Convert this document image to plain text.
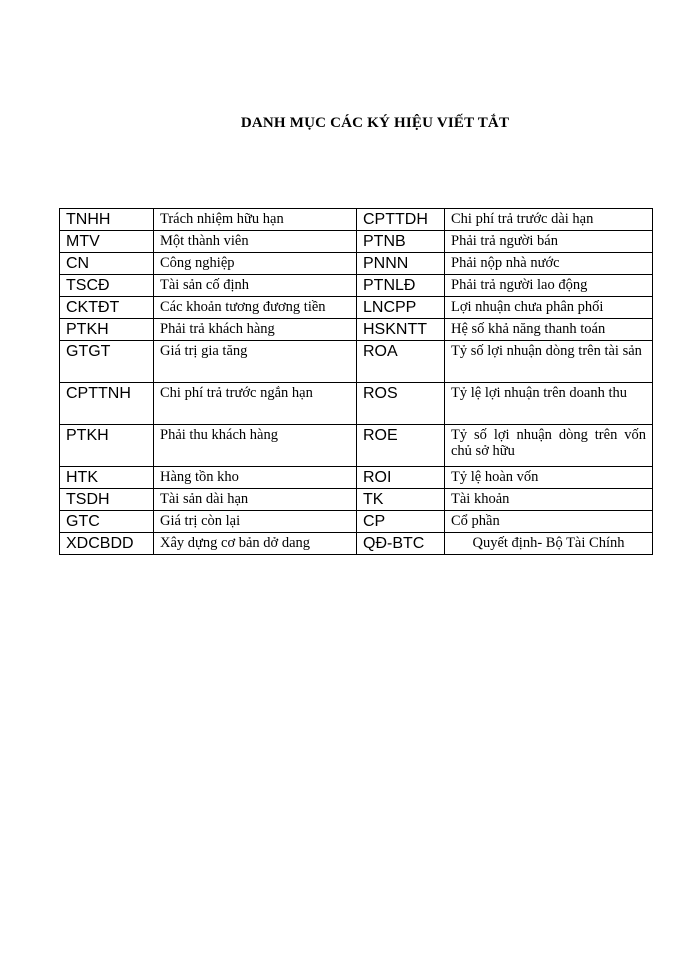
DANH MỤC CÁC KÝ HIỆU VIẾT TẮT
TNHH	Trách nhiệm hữu hạn	CPTTDH	Chi phí trả trước dài hạn
MTV	Một thành viên	PTNB	Phải trả người bán
CN	Công nghiệp	PNNN	Phải nộp nhà nước
TSCĐ	Tài sản cố định	PTNLĐ	Phải trả người lao động
CKTĐT	Các khoản tương đương tiền	LNCPP	Lợi nhuận chưa phân phối
PTKH	Phải trả khách hàng	HSKNTT	Hệ số khả năng thanh toán
GTGT	Giá trị gia tăng	ROA	Tỷ số lợi nhuận dòng trên tài sản
CPTTNH	Chi phí trả trước ngắn hạn	ROS	Tỷ lệ lợi nhuận trên doanh thu
PTKH	Phải thu khách hàng	ROE	Tỷ số lợi nhuận dòng trên vốn chủ sở hữu
HTK	Hàng tồn kho	ROI	Tỷ lệ hoàn vốn
TSDH	Tài sản dài hạn	TK	Tài khoản
GTC	Giá trị còn lại	CP	Cổ phần
XDCBDD	Xây dựng cơ bản dở dang	QĐ-BTC	Quyết định- Bộ Tài Chính
